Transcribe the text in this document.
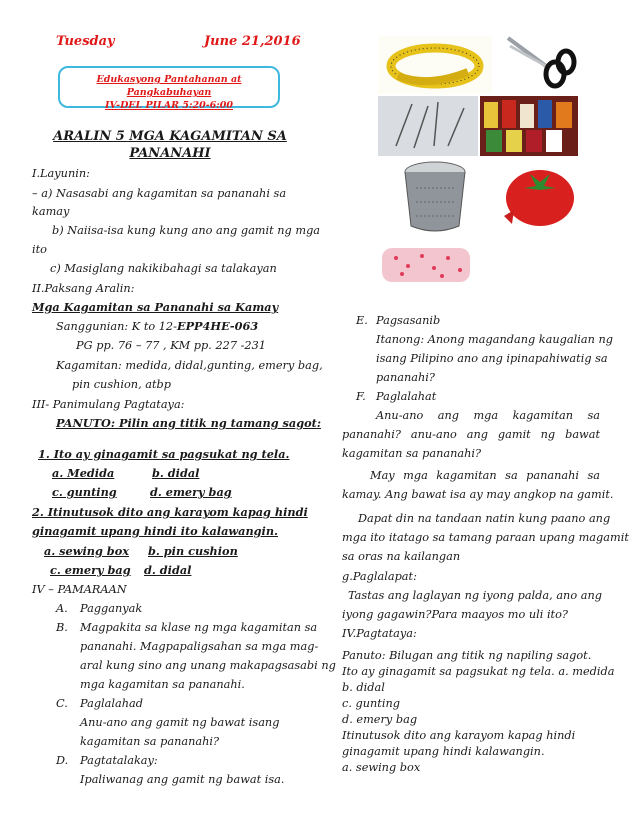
Tuesday	June 21,2016
Edukasyong Pantahanan at Pangkabuhayan
IV-DEL PILAR 5:20-6:00
ARALIN 5 MGA KAGAMITAN SA
PANANAHI
I.Layunin:
– a) Nasasabi ang kagamitan sa pananahi sa
kamay
b) Naiisa-isa kung kung ano ang gamit ng mga
ito
c) Masiglang nakikibahagi sa talakayan
II.Paksang Aralin:
Mga Kagamitan sa Pananahi sa Kamay
Sanggunian: K to 12-EPP4HE-063
PG pp. 76 – 77 , KM pp. 227 -231
Kagamitan: medida, didal,gunting, emery bag,
pin cushion, atbp
III- Panimulang Pagtataya:
PANUTO: Pilin ang titik ng tamang sagot:
1. Ito ay ginagamit sa pagsukat ng tela.
a. Medida	b. didal
c. gunting	d. emery bag
2. Itinutusok dito ang karayom kapag hindi
ginagamit upang hindi ito kalawangin.
a. sewing box b. pin cushion
c. emery bag d. didal
IV – PAMARAAN
A. Pagganyak
B. Magpakita sa klase ng mga kagamitan sa
pananahi. Magpapaligsahan sa mga mag-
aral kung sino ang unang makapagsasabi ng
mga kagamitan sa pananahi.
C. Paglalahad
Anu-ano ang gamit ng bawat isang
kagamitan sa pananahi?
D. Pagtatalakay:
Ipaliwanag ang gamit ng bawat isa.
E. Pagsasanib
Itanong: Anong magandang kaugalian ng
isang Pilipino ano ang ipinapahiwatig sa
pananahi?
F. Paglalahat
Anu-ano ang mga kagamitan sa
pananahi? anu-ano ang gamit ng bawat
kagamitan sa pananahi?
May mga kagamitan sa pananahi sa
kamay. Ang bawat isa ay may angkop na gamit.
Dapat din na tandaan natin kung paano ang
mga ito itatago sa tamang paraan upang magamit
sa oras na kailangan
g.Paglalapat:
Tastas ang laglayan ng iyong palda, ano ang
iyong gagawin?Para maayos mo uli ito?
IV.Pagtataya:
Panuto: Bilugan ang titik ng napiling sagot.
Ito ay ginagamit sa pagsukat ng tela. a. medida
b. didal
c. gunting
d. emery bag
Itinutusok dito ang karayom kapag hindi
ginagamit upang hindi kalawangin.
a. sewing box
